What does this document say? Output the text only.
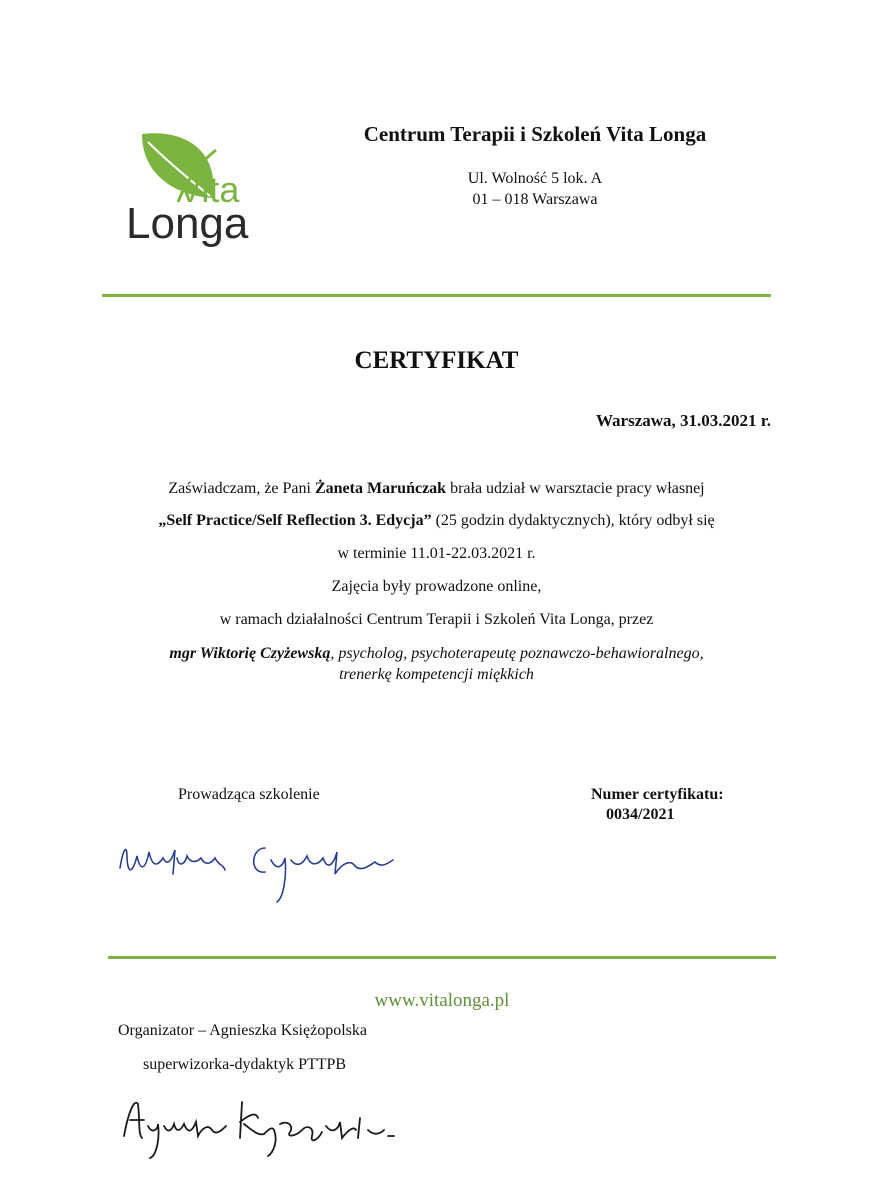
Vita
Longa
Centrum Terapii i Szkoleń Vita Longa
Ul. Wolność 5 lok. A
01 – 018 Warszawa
CERTYFIKAT
Warszawa, 31.03.2021 r.
Zaświadczam, że Pani Żaneta Maruńczak brała udział w warsztacie pracy własnej
„Self Practice/Self Reflection 3. Edycja” (25 godzin dydaktycznych), który odbył się
w terminie 11.01-22.03.2021 r.
Zajęcia były prowadzone online,
w ramach działalności Centrum Terapii i Szkoleń Vita Longa, przez
mgr Wiktorię Czyżewską, psycholog, psychoterapeutę poznawczo-behawioralnego,
trenerkę kompetencji miękkich
Prowadząca szkolenie	Numer certyfikatu:
0034/2021
www.vitalonga.pl
Organizator – Agnieszka Księżopolska
superwizorka-dydaktyk PTTPB
